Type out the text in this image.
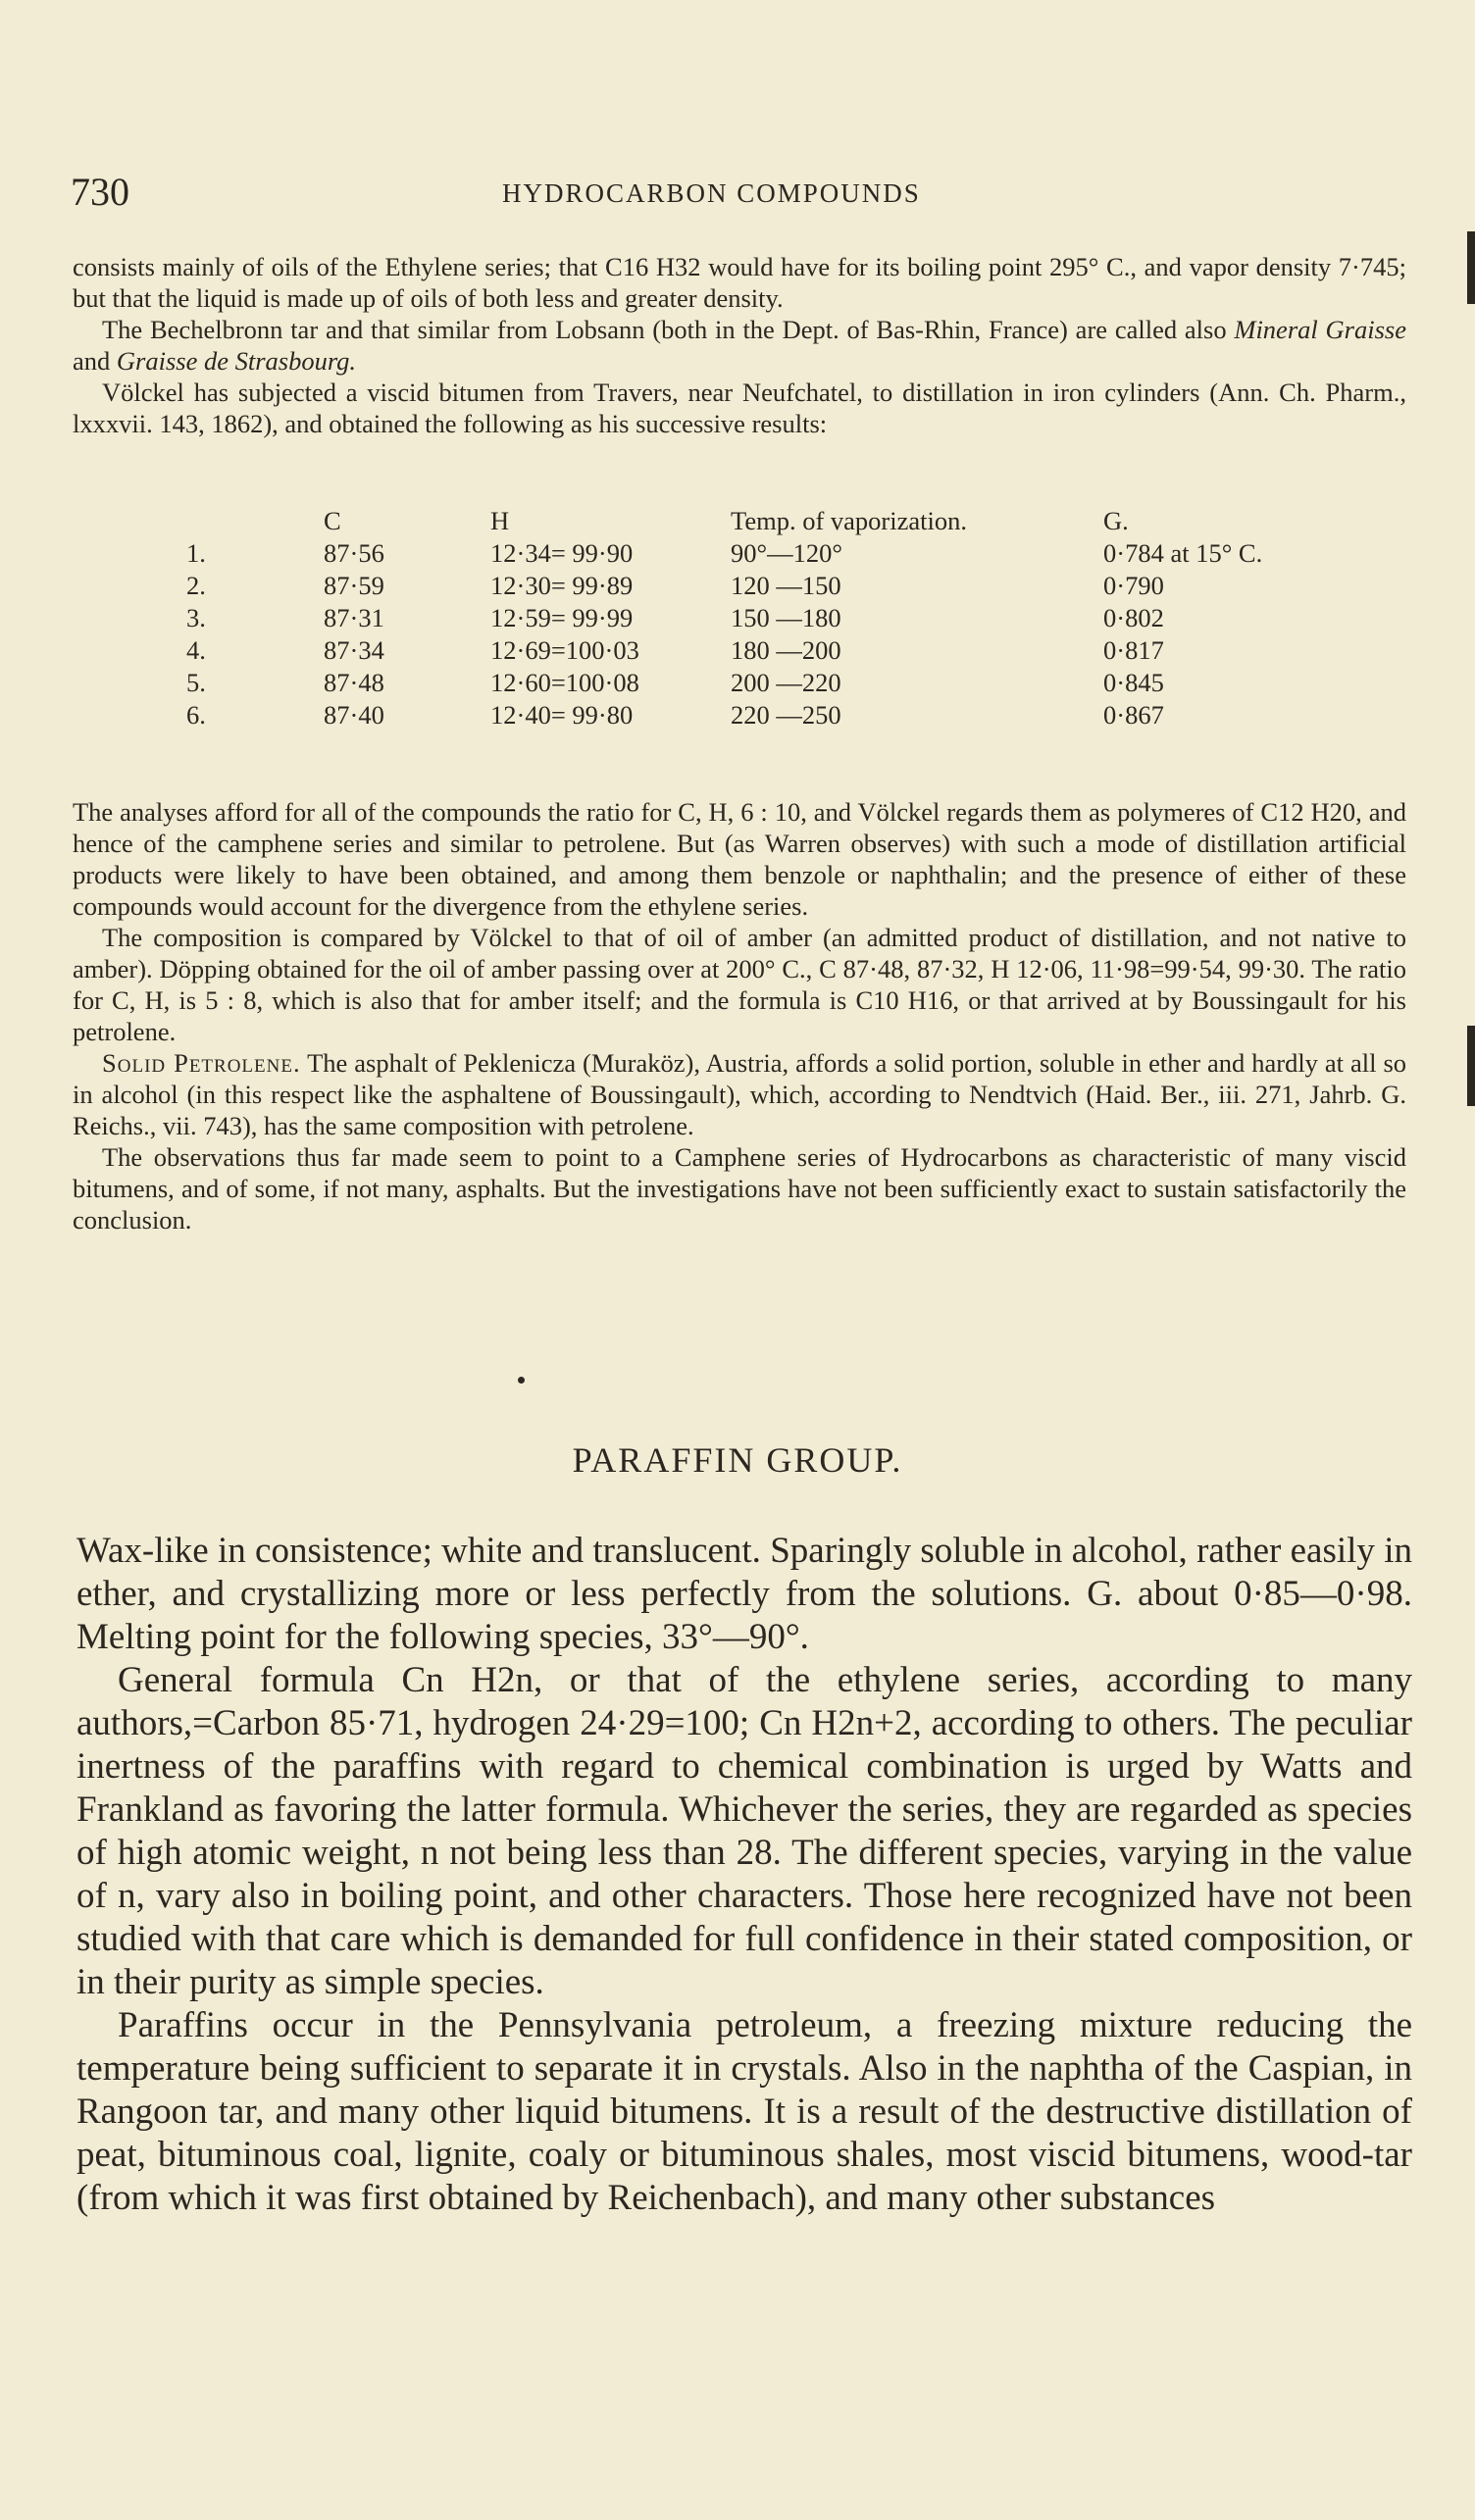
730	HYDROCARBON COMPOUNDS

consists mainly of oils of the Ethylene series; that C16 H32 would have for its boiling point 295° C., and vapor density 7·745; but that the liquid is made up of oils of both less and greater density.

The Bechelbronn tar and that similar from Lobsann (both in the Dept. of Bas-Rhin, France) are called also Mineral Graisse and Graisse de Strasbourg.

Völckel has subjected a viscid bitumen from Travers, near Neufchatel, to distillation in iron cylinders (Ann. Ch. Pharm., lxxxvii. 143, 1862), and obtained the following as his successive results:

	C	H	Temp. of vaporization.	G.
1.	87·56	12·34= 99·90	90°—120°	0·784 at 15° C.
2.	87·59	12·30= 99·89	120 —150	0·790
3.	87·31	12·59= 99·99	150 —180	0·802
4.	87·34	12·69=100·03	180 —200	0·817
5.	87·48	12·60=100·08	200 —220	0·845
6.	87·40	12·40= 99·80	220 —250	0·867

The analyses afford for all of the compounds the ratio for C, H, 6 : 10, and Völckel regards them as polymeres of C12 H20, and hence of the camphene series and similar to petrolene. But (as Warren observes) with such a mode of distillation artificial products were likely to have been obtained, and among them benzole or naphthalin; and the presence of either of these compounds would account for the divergence from the ethylene series.

The composition is compared by Völckel to that of oil of amber (an admitted product of distillation, and not native to amber). Döpping obtained for the oil of amber passing over at 200° C., C 87·48, 87·32, H 12·06, 11·98=99·54, 99·30. The ratio for C, H, is 5 : 8, which is also that for amber itself; and the formula is C10 H16, or that arrived at by Boussingault for his petrolene.

Solid Petrolene. The asphalt of Peklenicza (Muraköz), Austria, affords a solid portion, soluble in ether and hardly at all so in alcohol (in this respect like the asphaltene of Boussingault), which, according to Nendtvich (Haid. Ber., iii. 271, Jahrb. G. Reichs., vii. 743), has the same composition with petrolene.

The observations thus far made seem to point to a Camphene series of Hydrocarbons as characteristic of many viscid bitumens, and of some, if not many, asphalts. But the investigations have not been sufficiently exact to sustain satisfactorily the conclusion.

PARAFFIN GROUP.

Wax-like in consistence; white and translucent. Sparingly soluble in alcohol, rather easily in ether, and crystallizing more or less perfectly from the solutions. G. about 0·85—0·98. Melting point for the following species, 33°—90°.

General formula Cn H2n, or that of the ethylene series, according to many authors,=Carbon 85·71, hydrogen 24·29=100; Cn H2n+2, according to others. The peculiar inertness of the paraffins with regard to chemical combination is urged by Watts and Frankland as favoring the latter formula. Whichever the series, they are regarded as species of high atomic weight, n not being less than 28. The different species, varying in the value of n, vary also in boiling point, and other characters. Those here recognized have not been studied with that care which is demanded for full confidence in their stated composition, or in their purity as simple species.

Paraffins occur in the Pennsylvania petroleum, a freezing mixture reducing the temperature being sufficient to separate it in crystals. Also in the naphtha of the Caspian, in Rangoon tar, and many other liquid bitumens. It is a result of the destructive distillation of peat, bituminous coal, lignite, coaly or bituminous shales, most viscid bitumens, wood-tar (from which it was first obtained by Reichenbach), and many other substances
